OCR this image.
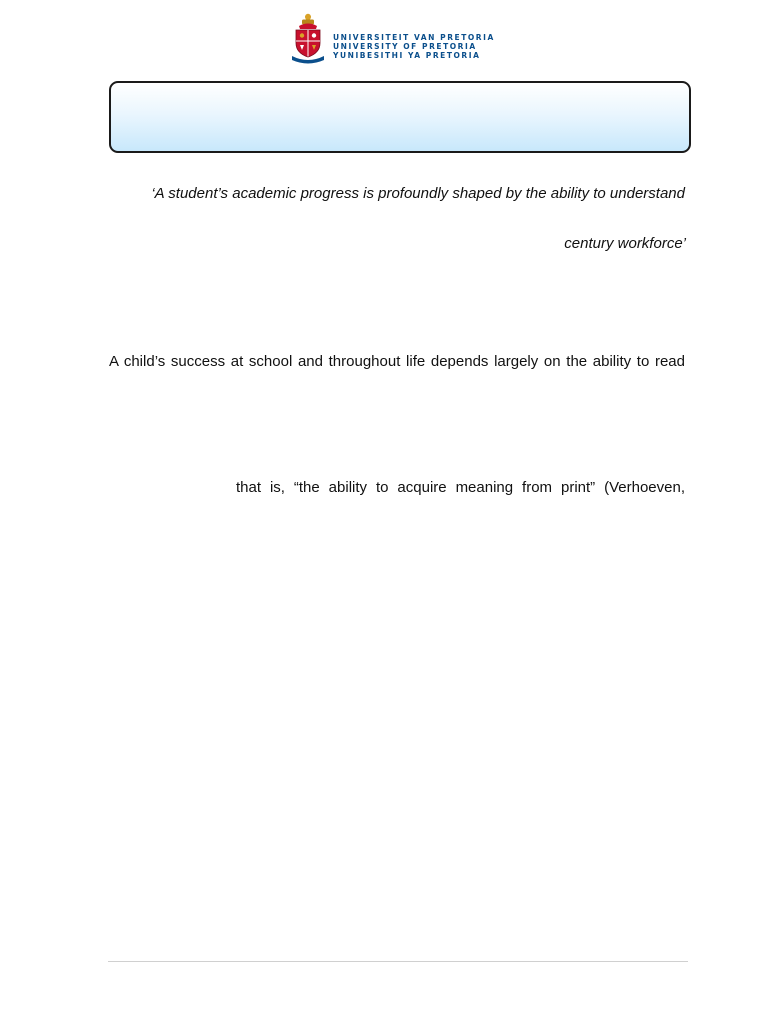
UNIVERSITEIT VAN PRETORIA
UNIVERSITY OF PRETORIA
YUNIBESITHI YA PRETORIA
‘A student’s academic progress is profoundly shaped by the ability to understand
century workforce’
A child’s success at school and throughout life depends largely on the ability to read
that is, “the ability to acquire meaning from print” (Verhoeven,
